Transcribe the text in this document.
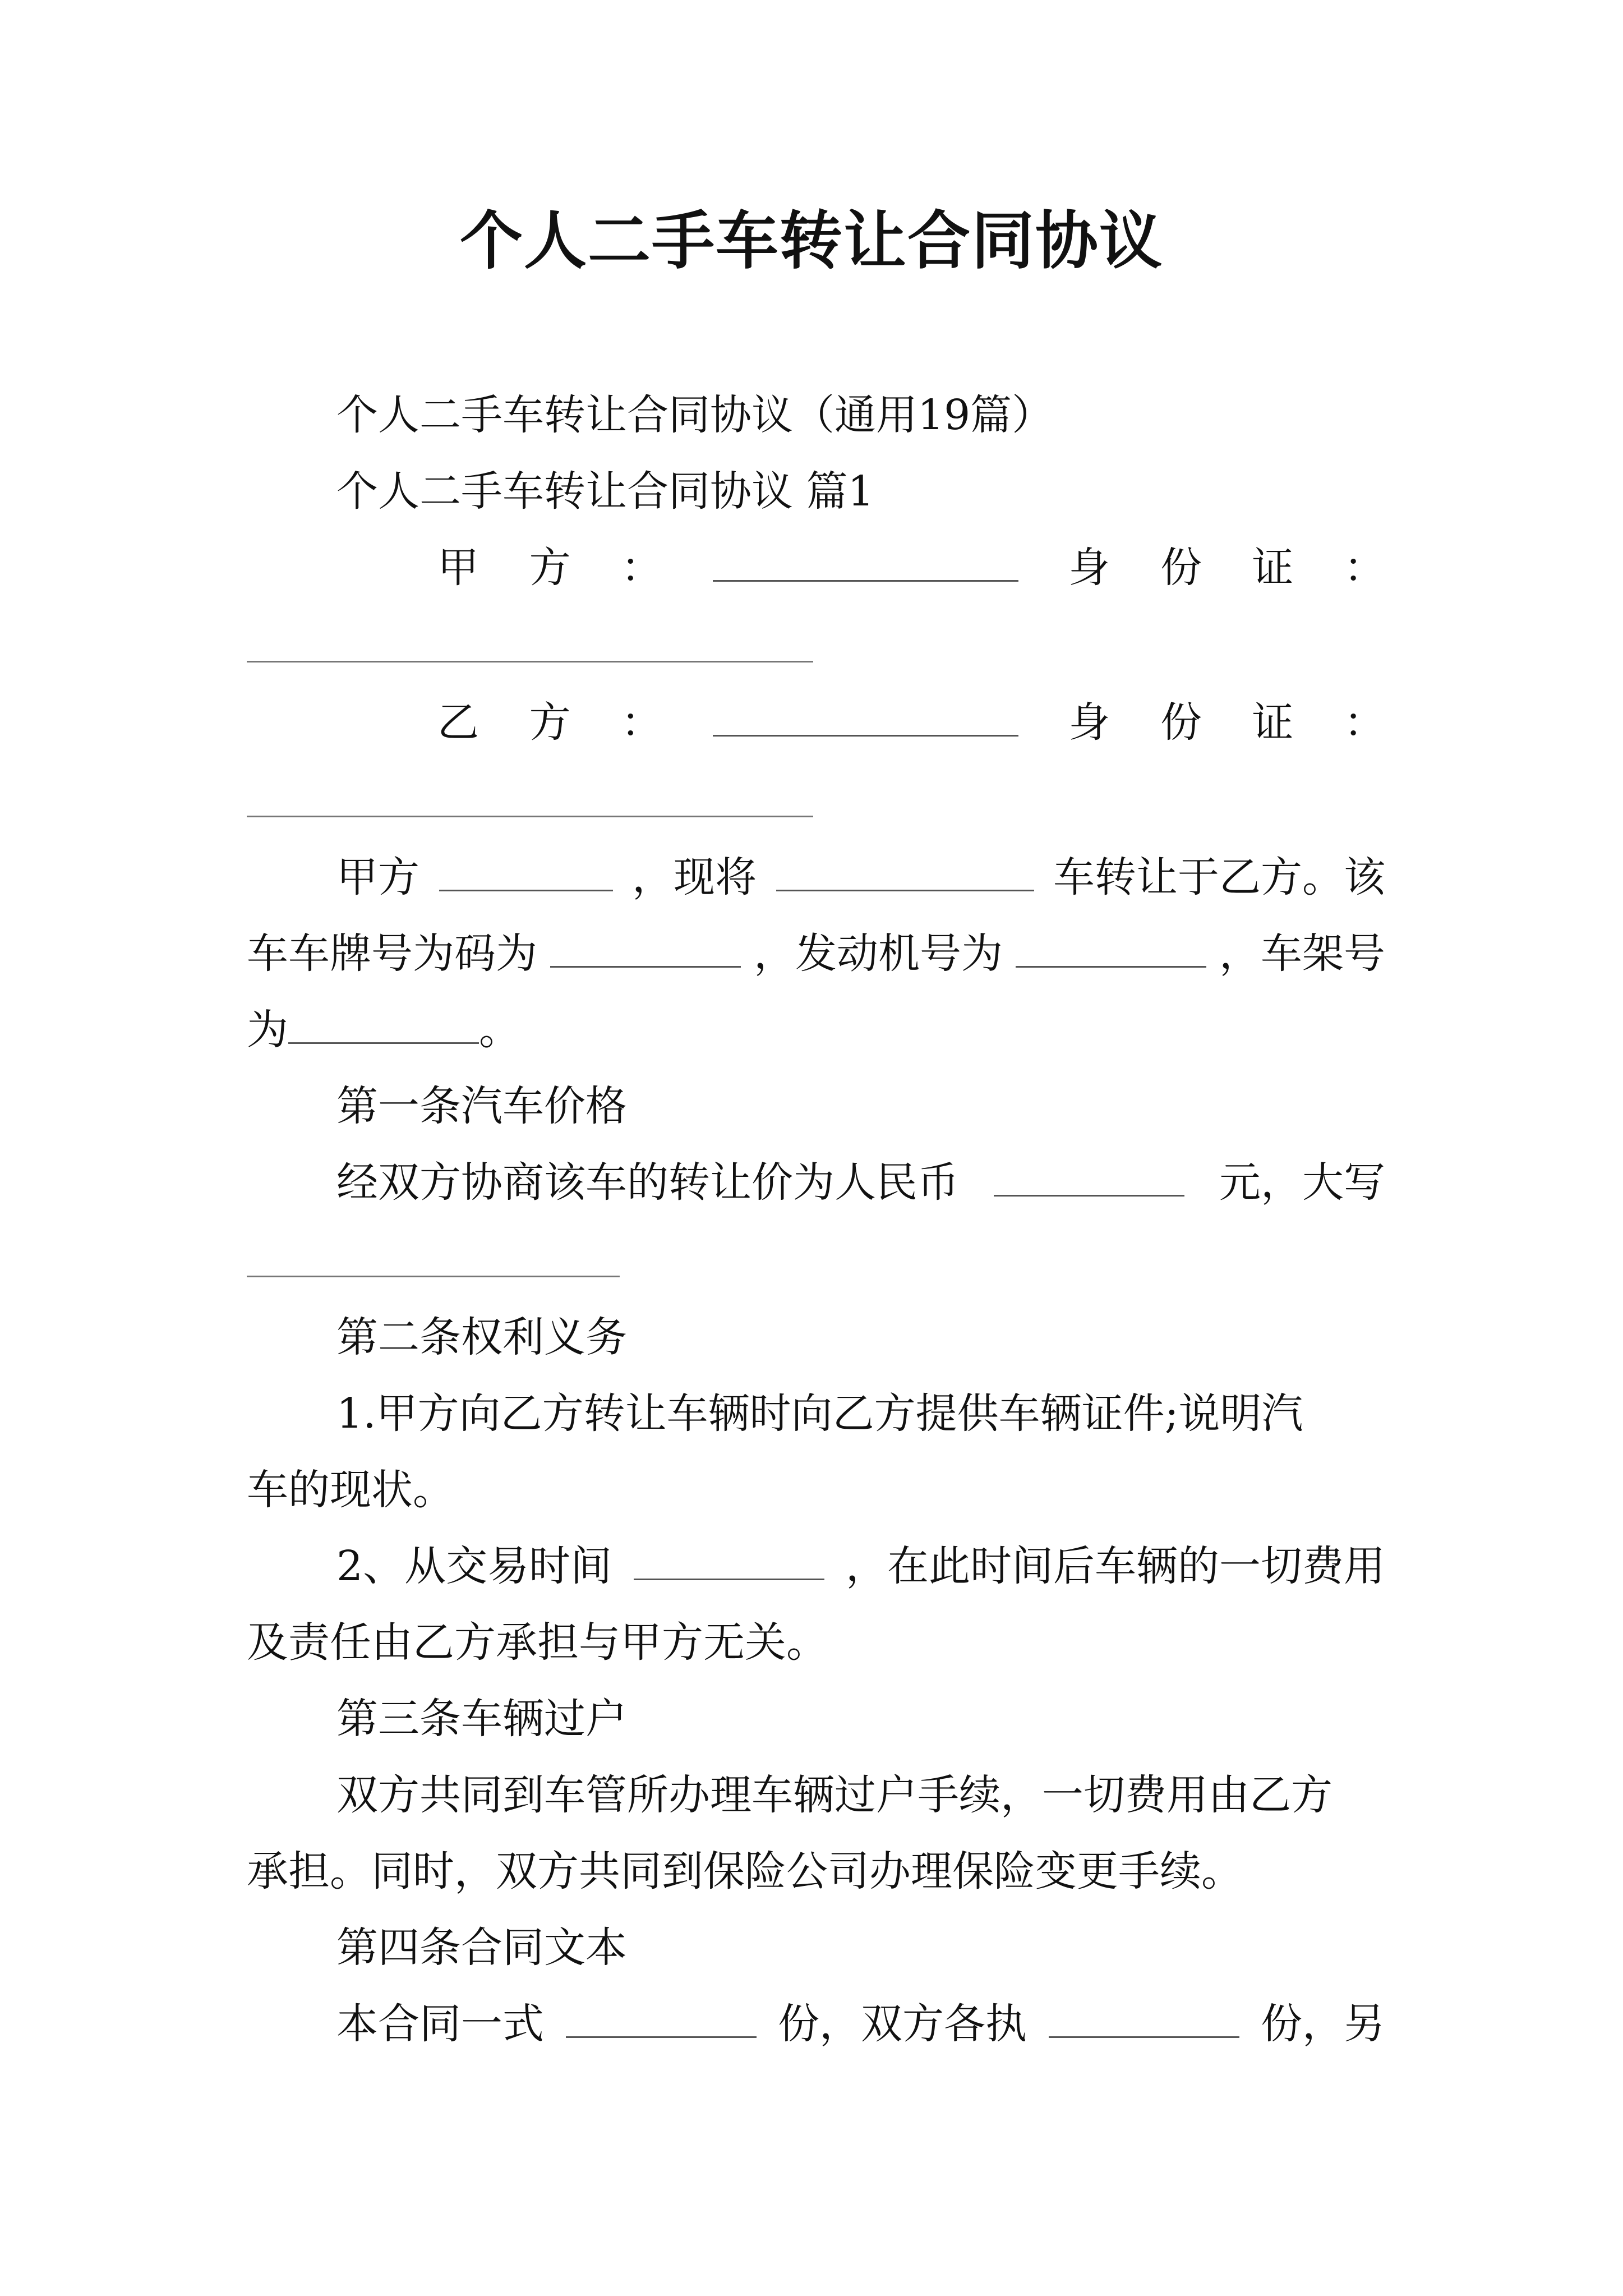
个人二手车转让合同协议
个人二手车转让合同协议（通用19篇）
个人二手车转让合同协议 篇1
甲 方 ：	身 份 证 ：
乙 方 ：	身 份 证 ：
甲方	，现将	车转让于乙方。该
车车牌号为码为	，发动机号为	，车架号
为	。
第一条汽车价格
经双方协商该车的转让价为人民币	元，大写
第二条权利义务
1.甲方向乙方转让车辆时向乙方提供车辆证件;说明汽
车的现状。
2、从交易时间	，在此时间后车辆的一切费用
及责任由乙方承担与甲方无关。
第三条车辆过户
双方共同到车管所办理车辆过户手续，一切费用由乙方
承担。同时，双方共同到保险公司办理保险变更手续。
第四条合同文本
本合同一式	份，双方各执	份，另
